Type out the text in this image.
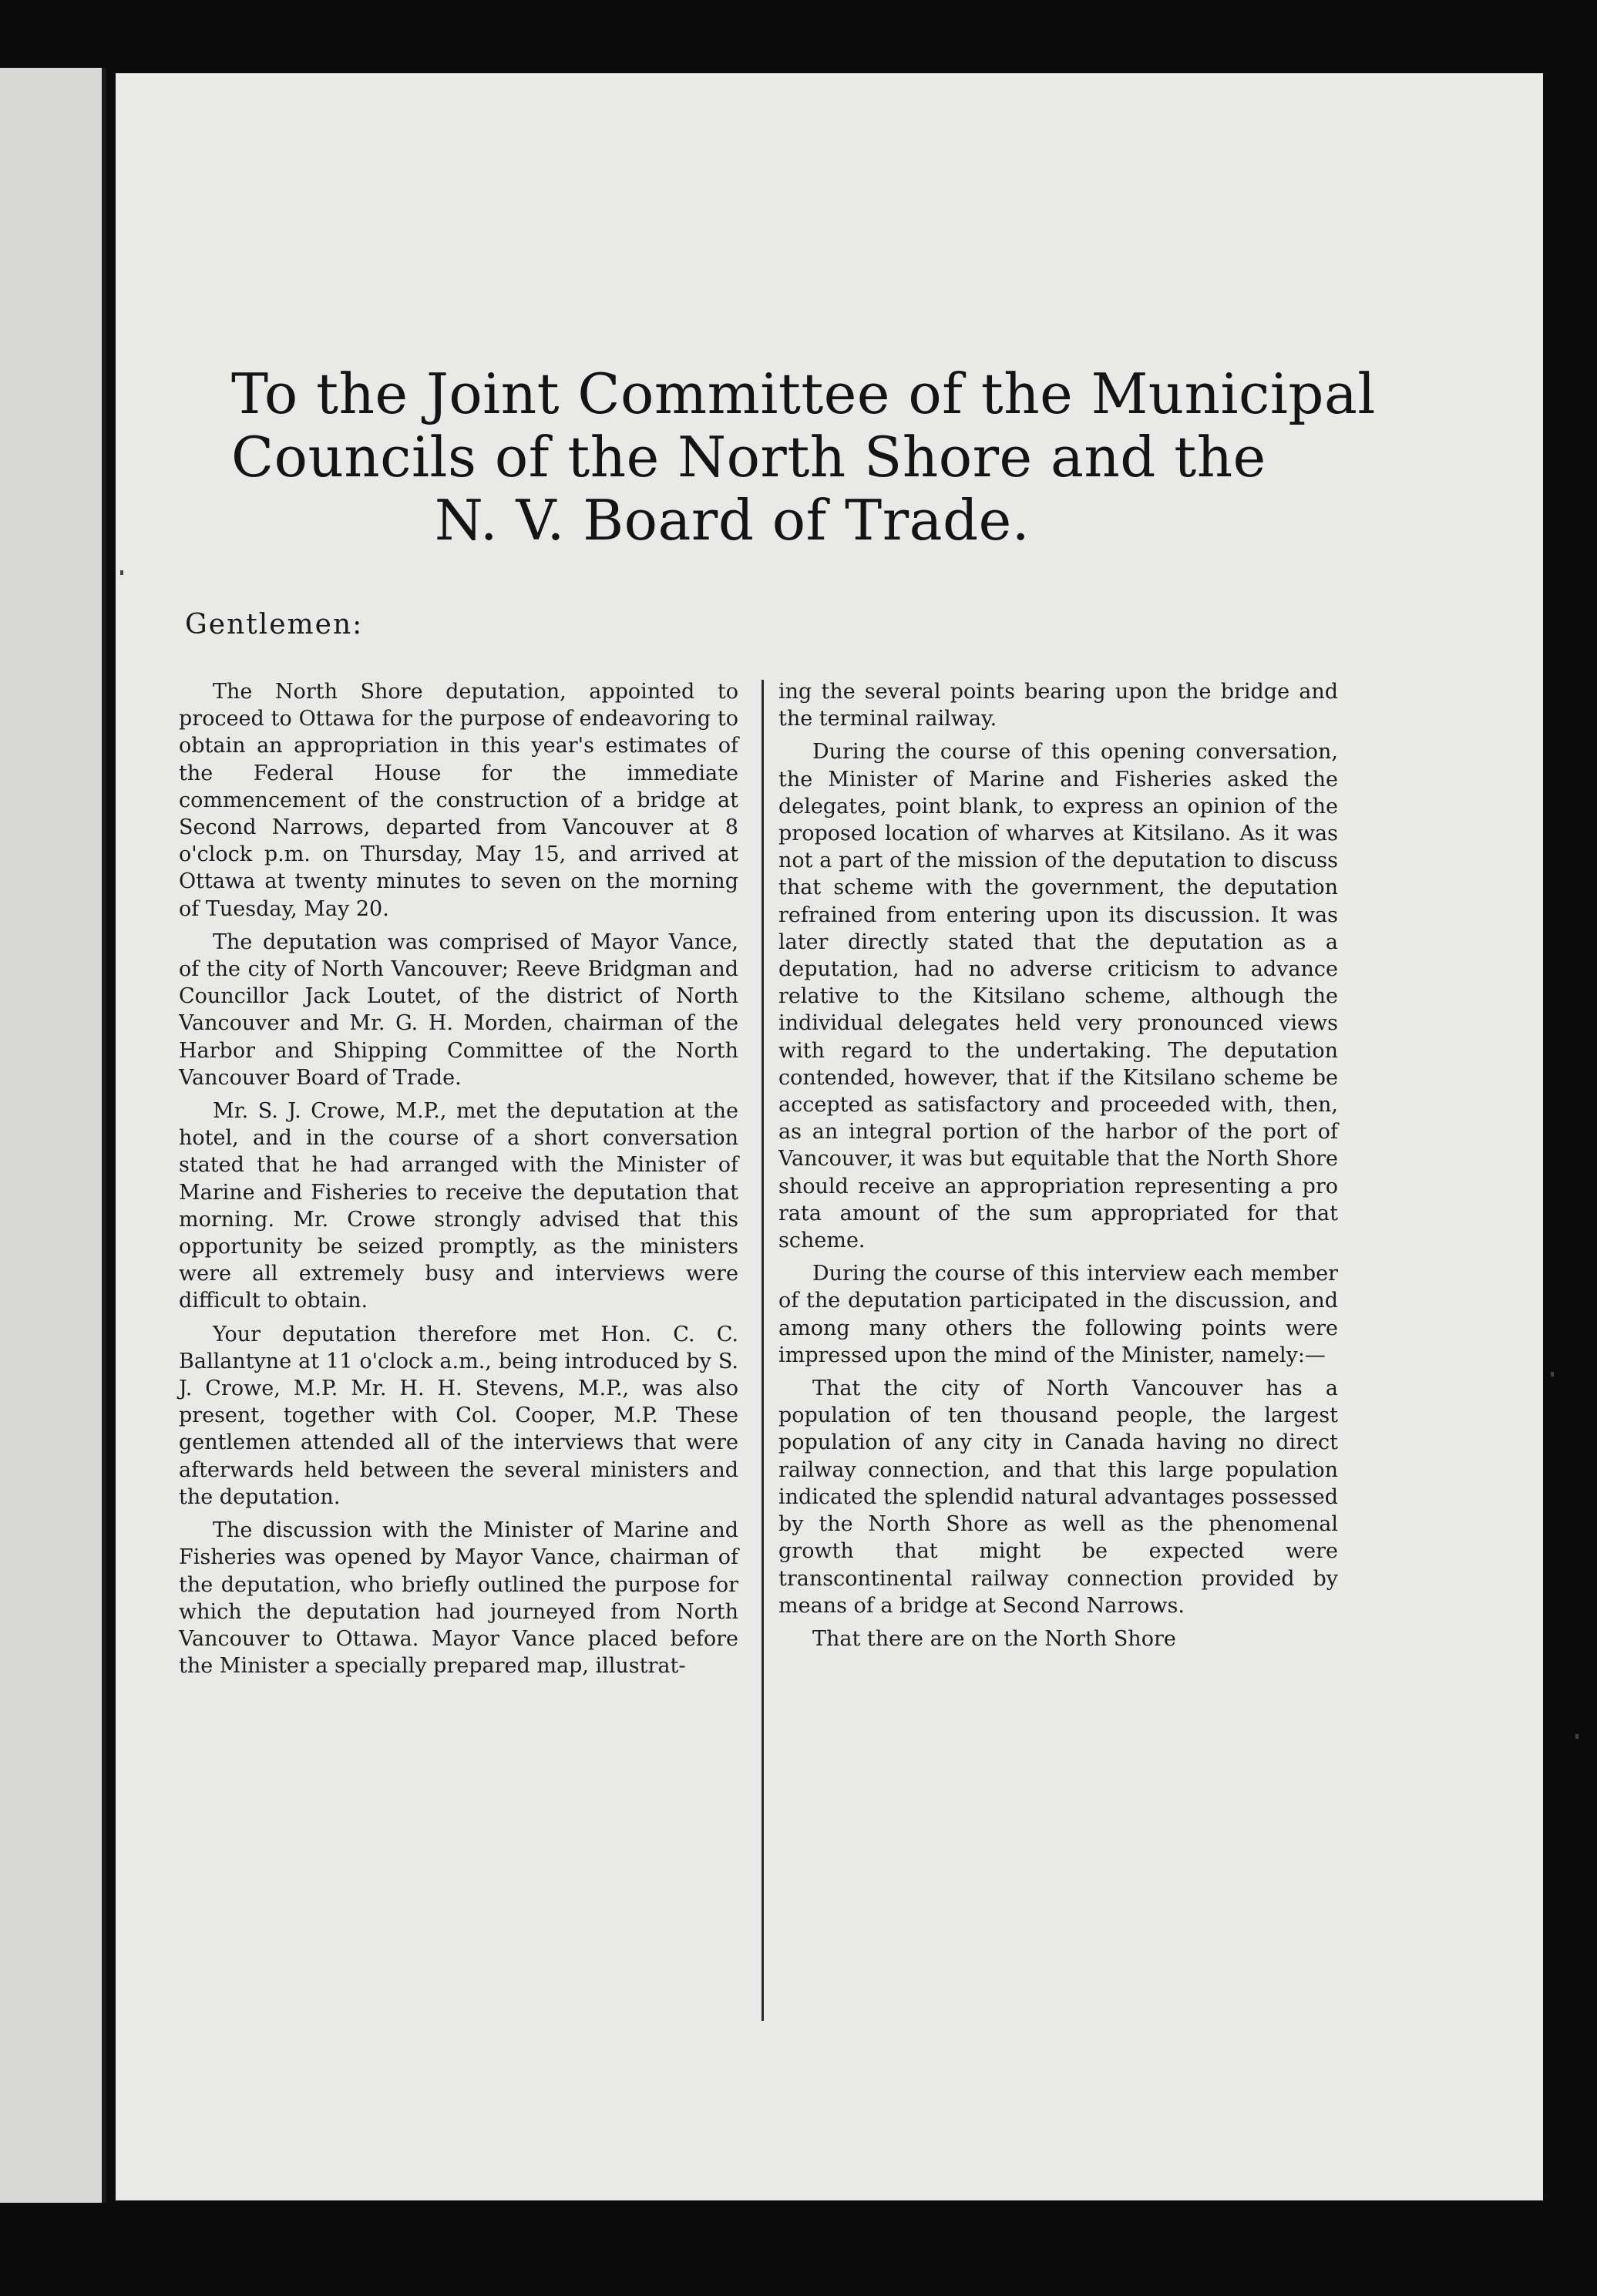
To the Joint Committee of the Municipal
Councils of the North Shore and the
N. V. Board of Trade.
Gentlemen:

The North Shore deputation, appointed to proceed to Ottawa for the purpose of endeavoring to obtain an appropriation in this year's estimates of the Federal House for the immediate commencement of the construction of a bridge at Second Narrows, departed from Vancouver at 8 o'clock p.m. on Thursday, May 15, and arrived at Ottawa at twenty minutes to seven on the morning of Tuesday, May 20.

The deputation was comprised of Mayor Vance, of the city of North Vancouver; Reeve Bridgman and Councillor Jack Loutet, of the district of North Vancouver and Mr. G. H. Morden, chairman of the Harbor and Shipping Committee of the North Vancouver Board of Trade.

Mr. S. J. Crowe, M.P., met the deputation at the hotel, and in the course of a short conversation stated that he had arranged with the Minister of Marine and Fisheries to receive the deputation that morning. Mr. Crowe strongly advised that this opportunity be seized promptly, as the ministers were all extremely busy and interviews were difficult to obtain.

Your deputation therefore met Hon. C. C. Ballantyne at 11 o'clock a.m., being introduced by S. J. Crowe, M.P. Mr. H. H. Stevens, M.P., was also present, together with Col. Cooper, M.P. These gentlemen attended all of the interviews that were afterwards held between the several ministers and the deputation.

The discussion with the Minister of Marine and Fisheries was opened by Mayor Vance, chairman of the deputation, who briefly outlined the purpose for which the deputation had journeyed from North Vancouver to Ottawa. Mayor Vance placed before the Minister a specially prepared map, illustrat-

ing the several points bearing upon the bridge and the terminal railway.

During the course of this opening conversation, the Minister of Marine and Fisheries asked the delegates, point blank, to express an opinion of the proposed location of wharves at Kitsilano. As it was not a part of the mission of the deputation to discuss that scheme with the government, the deputation refrained from entering upon its discussion. It was later directly stated that the deputation as a deputation, had no adverse criticism to advance relative to the Kitsilano scheme, although the individual delegates held very pronounced views with regard to the undertaking. The deputation contended, however, that if the Kitsilano scheme be accepted as satisfactory and proceeded with, then, as an integral portion of the harbor of the port of Vancouver, it was but equitable that the North Shore should receive an appropriation representing a pro rata amount of the sum appropriated for that scheme.

During the course of this interview each member of the deputation participated in the discussion, and among many others the following points were impressed upon the mind of the Minister, namely:—

That the city of North Vancouver has a population of ten thousand people, the largest population of any city in Canada having no direct railway connection, and that this large population indicated the splendid natural advantages possessed by the North Shore as well as the phenomenal growth that might be expected were transcontinental railway connection provided by means of a bridge at Second Narrows.

That there are on the North Shore
